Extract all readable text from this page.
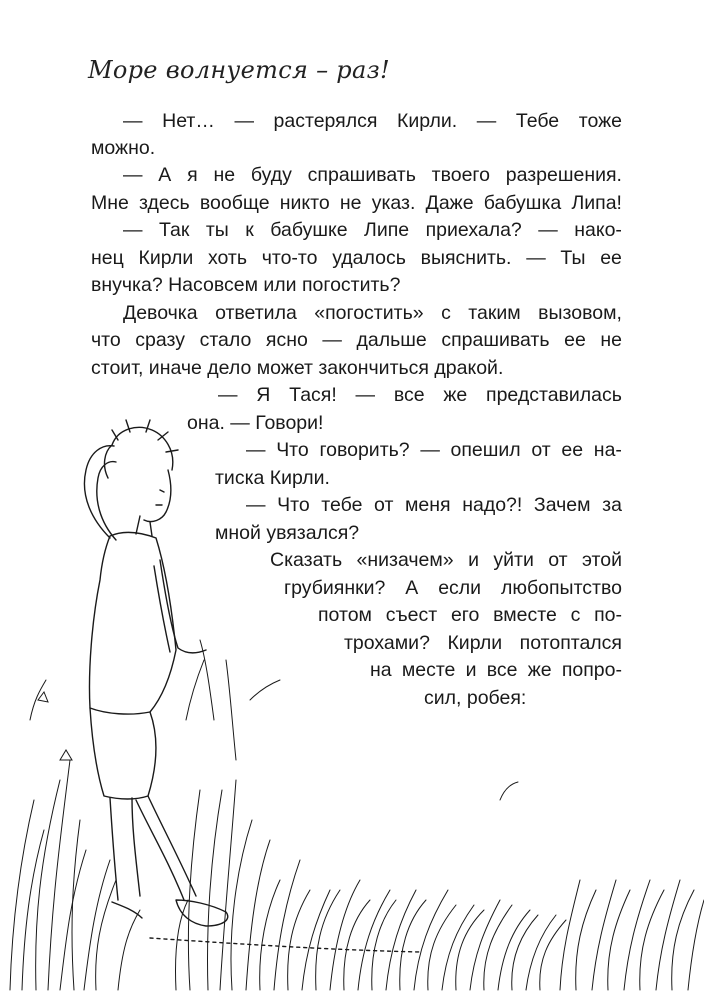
Море волнуется – раз!
— Нет… — растерялся Кирли. — Тебе тоже
можно.
— А я не буду спрашивать твоего разрешения.
Мне здесь вообще никто не указ. Даже бабушка Липа!
— Так ты к бабушке Липе приехала? — нако-
нец Кирли хоть что-то удалось выяснить. — Ты ее
внучка? Насовсем или погостить?
Девочка ответила «погостить» с таким вызовом,
что сразу стало ясно — дальше спрашивать ее не
стоит, иначе дело может закончиться дракой.
— Я Тася! — все же представилась
она. — Говори!
— Что говорить? — опешил от ее на-
тиска Кирли.
— Что тебе от меня надо?! Зачем за
мной увязался?
Сказать «низачем» и уйти от этой
грубиянки? А если любопытство
потом съест его вместе с по-
трохами? Кирли потоптался
на месте и все же попро-
сил, робея:
